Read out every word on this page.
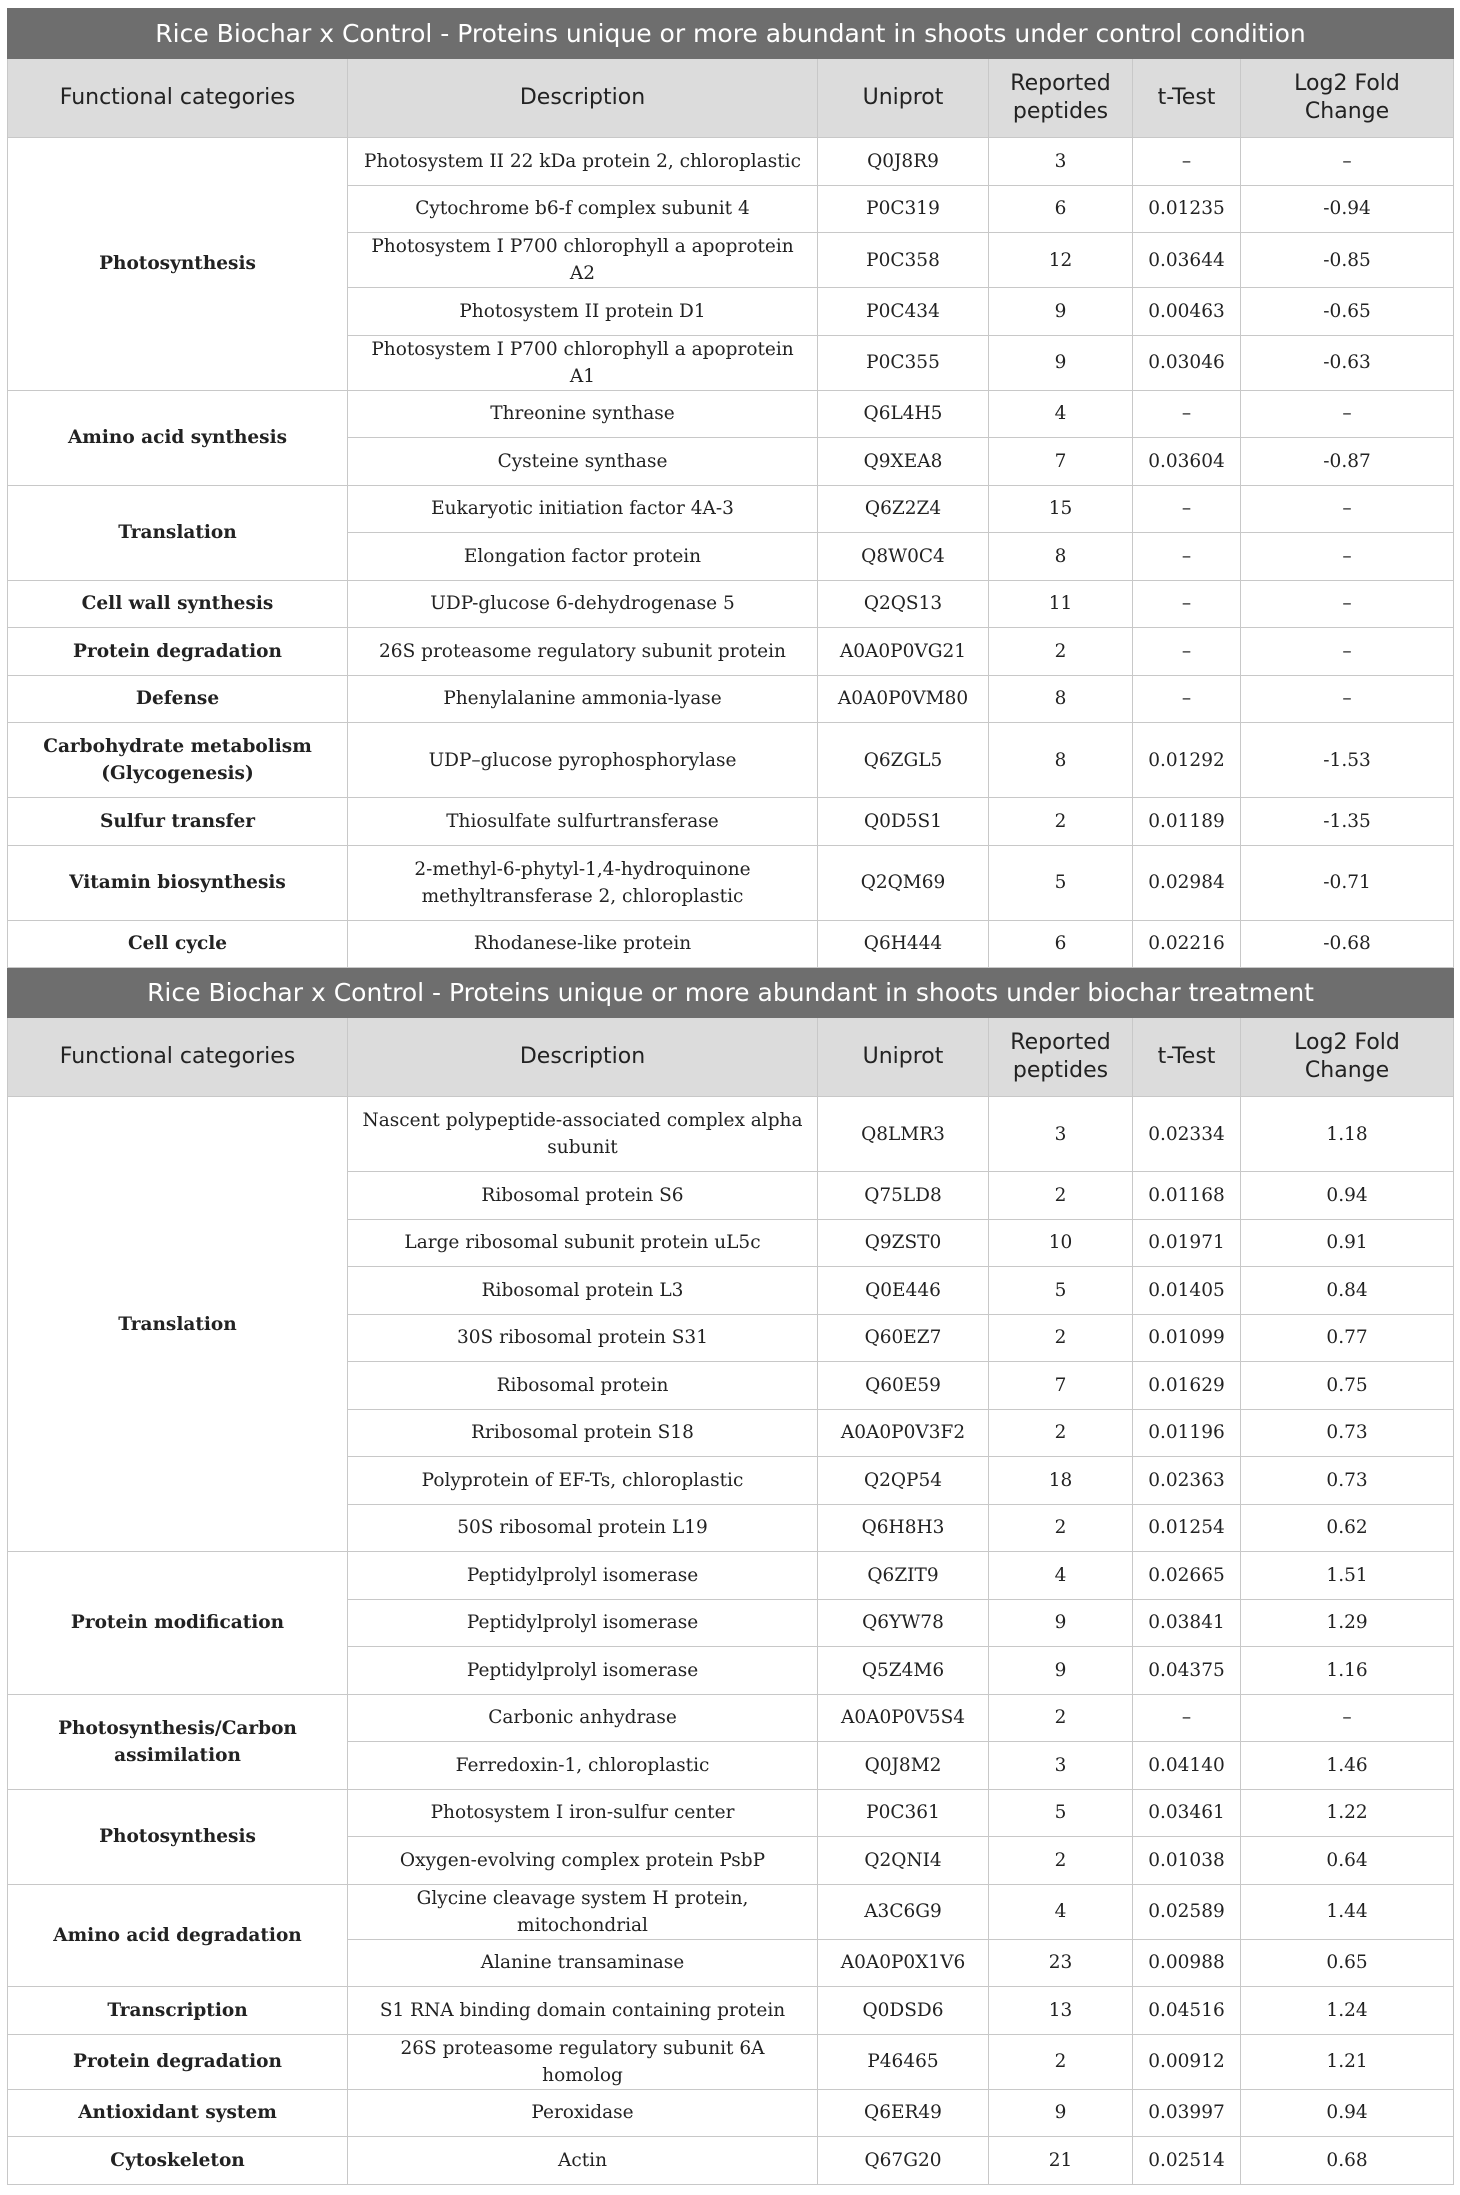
Rice Biochar x Control - Proteins unique or more abundant in shoots under control condition					
Functional categories	Description	Uniprot	Reported peptides	t-Test	Log2 Fold Change
Photosynthesis	Photosystem II 22 kDa protein 2, chloroplastic	Q0J8R9	3	–	–
	Cytochrome b6-f complex subunit 4	P0C319	6	0.01235	-0.94
	Photosystem I P700 chlorophyll a apoprotein A2	P0C358	12	0.03644	-0.85
	Photosystem II protein D1	P0C434	9	0.00463	-0.65
	Photosystem I P700 chlorophyll a apoprotein A1	P0C355	9	0.03046	-0.63
Amino acid synthesis	Threonine synthase	Q6L4H5	4	–	–
	Cysteine synthase	Q9XEA8	7	0.03604	-0.87
Translation	Eukaryotic initiation factor 4A-3	Q6Z2Z4	15	–	–
	Elongation factor protein	Q8W0C4	8	–	–
Cell wall synthesis	UDP-glucose 6-dehydrogenase 5	Q2QS13	11	–	–
Protein degradation	26S proteasome regulatory subunit protein	A0A0P0VG21	2	–	–
Defense	Phenylalanine ammonia-lyase	A0A0P0VM80	8	–	–
Carbohydrate metabolism (Glycogenesis)	UDP–glucose pyrophosphorylase	Q6ZGL5	8	0.01292	-1.53
Sulfur transfer	Thiosulfate sulfurtransferase	Q0D5S1	2	0.01189	-1.35
Vitamin biosynthesis	2-methyl-6-phytyl-1,4-hydroquinone methyltransferase 2, chloroplastic	Q2QM69	5	0.02984	-0.71
Cell cycle	Rhodanese-like protein	Q6H444	6	0.02216	-0.68
Rice Biochar x Control - Proteins unique or more abundant in shoots under biochar treatment					
Functional categories	Description	Uniprot	Reported peptides	t-Test	Log2 Fold Change
Translation	Nascent polypeptide-associated complex alpha subunit	Q8LMR3	3	0.02334	1.18
	Ribosomal protein S6	Q75LD8	2	0.01168	0.94
	Large ribosomal subunit protein uL5c	Q9ZST0	10	0.01971	0.91
	Ribosomal protein L3	Q0E446	5	0.01405	0.84
	30S ribosomal protein S31	Q60EZ7	2	0.01099	0.77
	Ribosomal protein	Q60E59	7	0.01629	0.75
	Rribosomal protein S18	A0A0P0V3F2	2	0.01196	0.73
	Polyprotein of EF-Ts, chloroplastic	Q2QP54	18	0.02363	0.73
	50S ribosomal protein L19	Q6H8H3	2	0.01254	0.62
Protein modification	Peptidylprolyl isomerase	Q6ZIT9	4	0.02665	1.51
	Peptidylprolyl isomerase	Q6YW78	9	0.03841	1.29
	Peptidylprolyl isomerase	Q5Z4M6	9	0.04375	1.16
Photosynthesis/Carbon assimilation	Carbonic anhydrase	A0A0P0V5S4	2	–	–
	Ferredoxin-1, chloroplastic	Q0J8M2	3	0.04140	1.46
Photosynthesis	Photosystem I iron-sulfur center	P0C361	5	0.03461	1.22
	Oxygen-evolving complex protein PsbP	Q2QNI4	2	0.01038	0.64
Amino acid degradation	Glycine cleavage system H protein, mitochondrial	A3C6G9	4	0.02589	1.44
	Alanine transaminase	A0A0P0X1V6	23	0.00988	0.65
Transcription	S1 RNA binding domain containing protein	Q0DSD6	13	0.04516	1.24
Protein degradation	26S proteasome regulatory subunit 6A homolog	P46465	2	0.00912	1.21
Antioxidant system	Peroxidase	Q6ER49	9	0.03997	0.94
Cytoskeleton	Actin	Q67G20	21	0.02514	0.68
